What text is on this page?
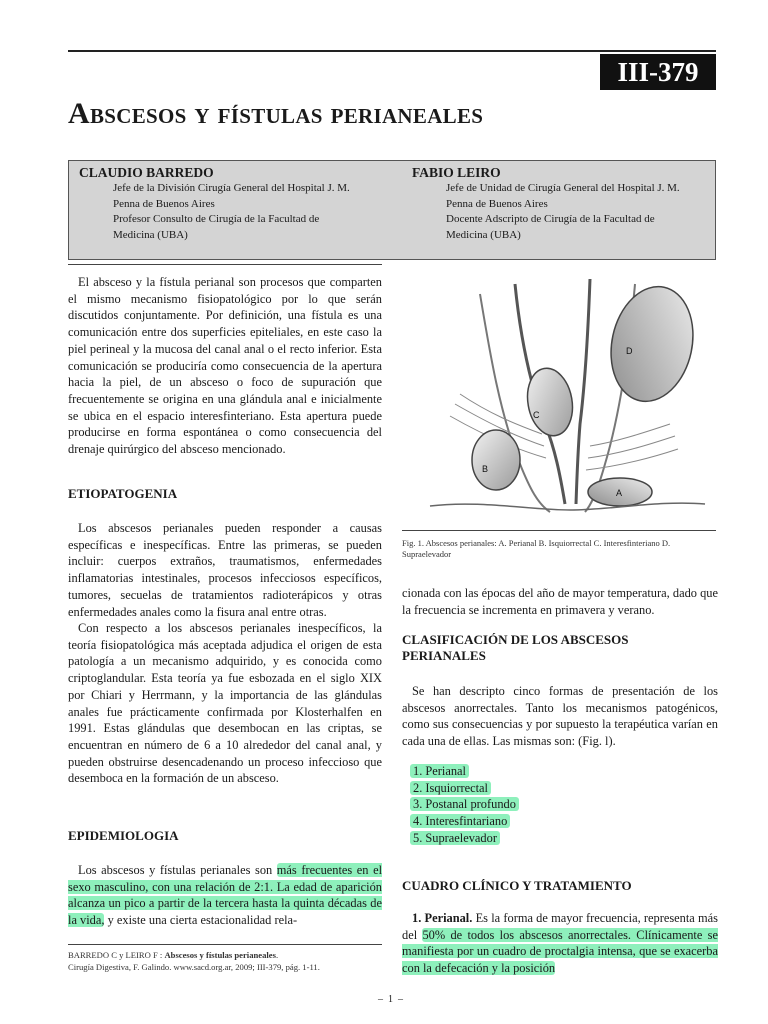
III-379
Abscesos y fístulas perianeales
CLAUDIO BARREDO
Jefe de la División Cirugía General del Hospital J. M.
Penna de Buenos Aires
Profesor Consulto de Cirugía de la Facultad de
Medicina (UBA)
FABIO LEIRO
Jefe de Unidad de Cirugía General del Hospital J. M.
Penna de Buenos Aires
Docente Adscripto de Cirugía de la Facultad de
Medicina (UBA)

El absceso y la fístula perianal son procesos que comparten el mismo mecanismo fisiopatológico por lo que serán discutidos conjuntamente. Por definición, una fístula es una comunicación entre dos superficies epiteliales, en este caso la piel perineal y la mucosa del canal anal o el recto inferior. Esta comunicación se produciría como consecuencia de la apertura hacia la piel, de un absceso o foco de supuración que frecuentemente se origina en una glándula anal e inicialmente se ubica en el espacio interesfinteriano. Esta apertura puede producirse en forma espontánea o como consecuencia del drenaje quirúrgico del absceso mencionado.

ETIOPATOGENIA

Los abscesos perianales pueden responder a causas específicas e inespecíficas. Entre las primeras, se pueden incluir: cuerpos extraños, traumatismos, enfermedades inflamatorias intestinales, procesos infecciosos específicos, tumores, secuelas de tratamientos radioterápicos y otras enfermedades anales como la fisura anal entre otras.

Con respecto a los abscesos perianales inespecíficos, la teoría fisiopatológica más aceptada adjudica el origen de esta patología a un mecanismo adquirido, y es conocida como criptoglandular. Esta teoría ya fue esbozada en el siglo XIX por Chiari y Herrmann, y la importancia de las glándulas anales fue prácticamente confirmada por Klosterhalfen en 1991. Estas glándulas que desembocan en las criptas, se encuentran en número de 6 a 10 alrededor del canal anal, y pueden obstruirse desencadenando un proceso infeccioso que desemboca en la formación de un absceso.

EPIDEMIOLOGIA

Los abscesos y fístulas perianales son más frecuentes en el sexo masculino, con una relación de 2:1. La edad de aparición alcanza un pico a partir de la tercera hasta la quinta décadas de la vida, y existe una cierta estacionalidad rela-

BARREDO C y LEIRO F : Abscesos y fístulas perianeales.
Cirugía Digestiva, F. Galindo. www.sacd.org.ar, 2009; III-379, pág. 1-11.
–  1  –
D
C
B
A
Fig. 1. Abscesos perianales: A. Perianal B. Isquiorrectal C. Interesfinteriano D. Supraelevador

cionada con las épocas del año de mayor temperatura, dado que la frecuencia se incrementa en primavera y verano.

CLASIFICACIÓN DE LOS ABSCESOS

PERIANALES

Se han descripto cinco formas de presentación de los abscesos anorrectales. Tanto los mecanismos patogénicos, como sus consecuencias y por supuesto la terapéutica varían en cada una de ellas. Las mismas son: (Fig. l).

1. Perianal
2. Isquiorrectal
3. Postanal profundo
4. Interesfintariano
5. Supraelevador

CUADRO CLÍNICO Y TRATAMIENTO

1. Perianal. Es la forma de mayor frecuencia, representa más del 50% de todos los abscesos anorrectales. Clínicamente se manifiesta por un cuadro de proctalgia intensa, que se exacerba con la defecación y la posición
